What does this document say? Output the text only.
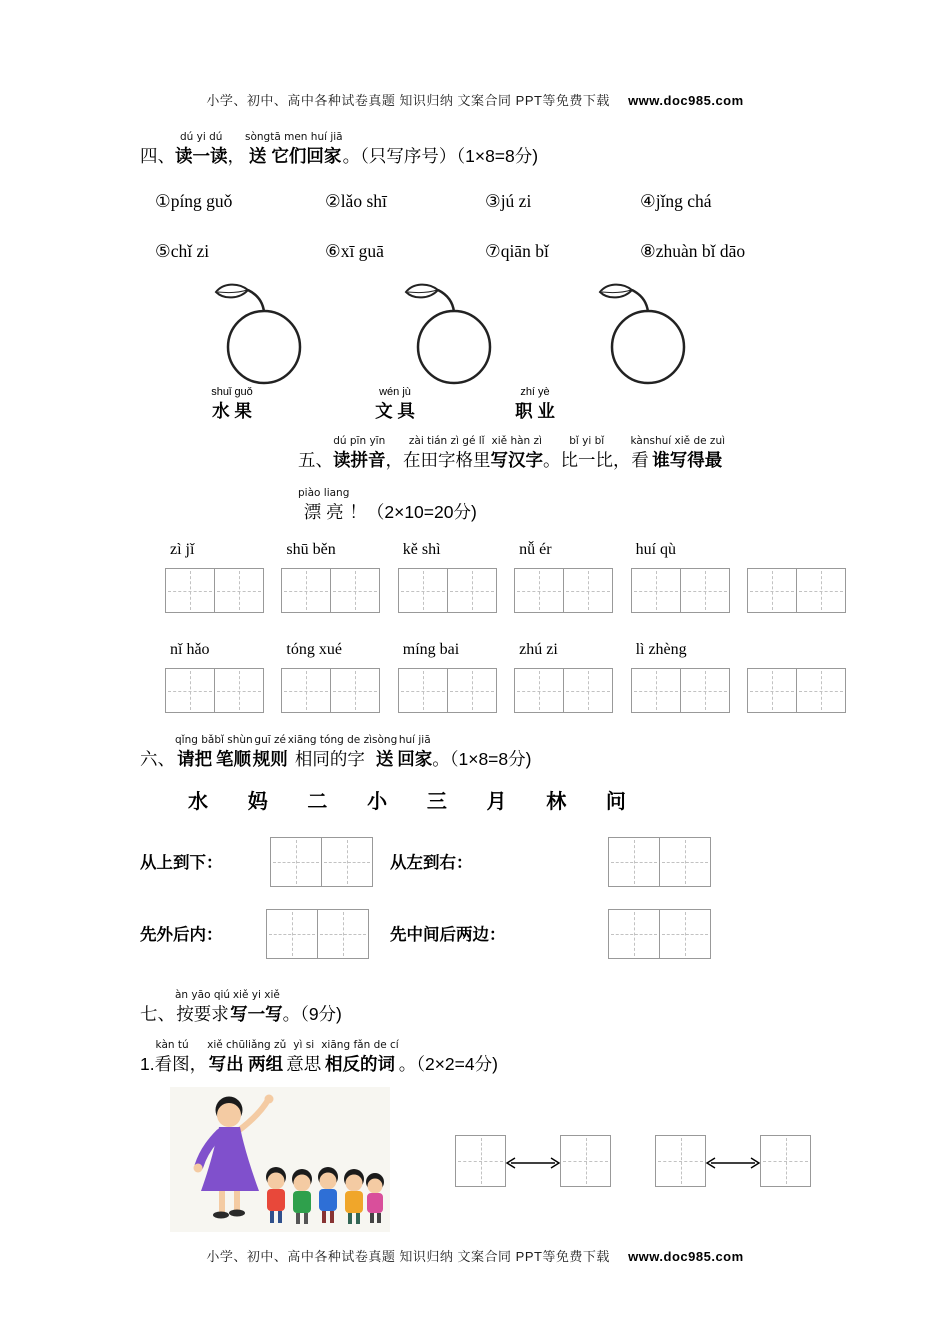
小学、初中、高中各种试卷真题 知识归纳 文案合同 PPT等免费下载 www.doc985.com
四、
dú yi dú
读一读 ，
sòng
送
tā men huí jiā
它们回家 。（只写序号）（1×8=8分)
①píng guǒ	②lǎo shī	③jú zi	④jǐng chá
⑤chǐ zi	⑥xī guā	⑦qiān bǐ	⑧zhuàn bǐ dāo
shuǐ guǒ
水 果
wén jù
文 具
zhí yè
职 业
五、
dú pīn yīn
读拼音 ，
zài tián zì gé lǐ
在田字格里
xiě hàn zì
写汉字 。
bǐ yi bǐ
比一比 ，
kàn
看
shuí xiě de zuì
谁写得最
piào liang
漂 亮 ！（2×10=20分)
zì jǐ	shū běn	kě shì	nǚ ér	huí qù
nǐ hǎo	tóng xué	míng bai	zhú zi	lì zhèng
六、
qǐng bǎ
请把
bǐ shùn
笔顺
guī zé
规则
xiāng tóng de zì
相同的字
sòng
送
huí jiā
回家 。（1×8=8分)
水 妈 二 小 三 月 林 问
从上到下：	从左到右：
先外后内：	先中间后两边：
七、
àn yāo qiú
按要求
xiě yi xiě
写一写 。（9分)
1.
kàn tú
看图 ，
xiě chū
写出
liǎng zǔ
两组
yì si
意思
xiāng fǎn de cí
相反的词 。（2×2=4分)
小学、初中、高中各种试卷真题 知识归纳 文案合同 PPT等免费下载 www.doc985.com
